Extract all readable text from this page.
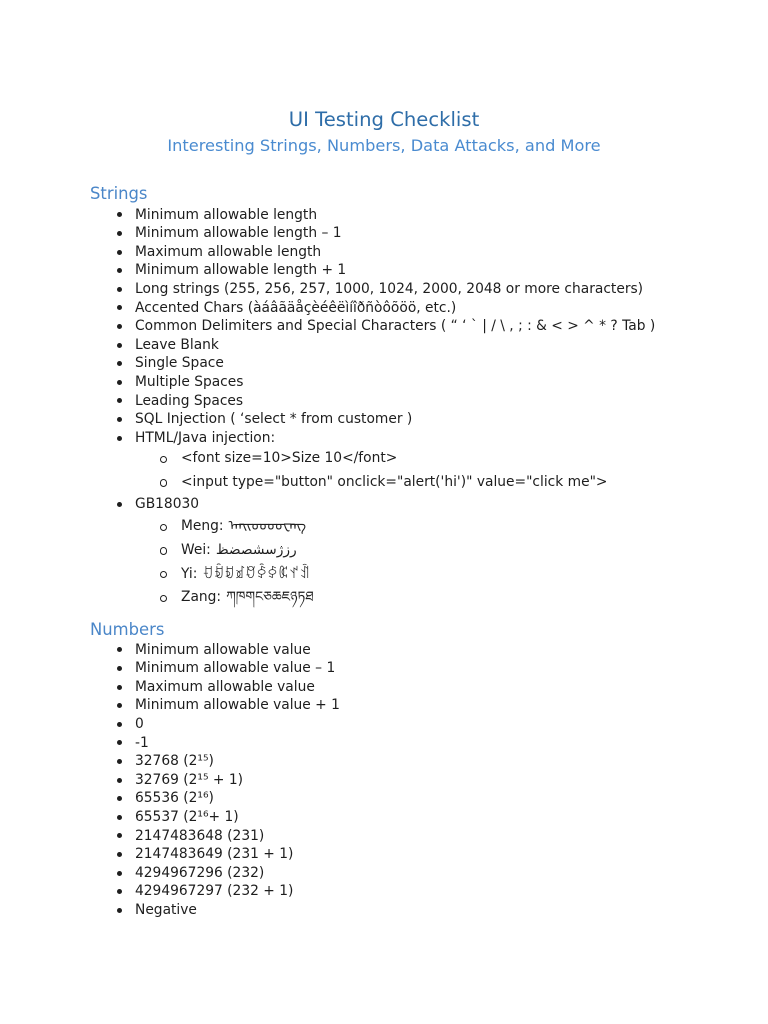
UI Testing Checklist
Interesting Strings, Numbers, Data Attacks, and More
Strings
Minimum allowable length
Minimum allowable length – 1
Maximum allowable length
Minimum allowable length + 1
Long strings (255, 256, 257, 1000, 1024, 2000, 2048 or more characters)
Accented Chars (àáâãäåçèéêëìíîðñòôõöö, etc.)
Common Delimiters and Special Characters ( “ ‘ ` | / \ , ; : & < > ^ * ? Tab )
Leave Blank
Single Space
Multiple Spaces
Leading Spaces
SQL Injection ( ‘select * from customer )
HTML/Java injection:
<font size=10>Size 10</font>
<input type="button" onclick="alert('hi')" value="click me">
GB18030
Meng: ᠠᠡᠢᠣᠤᠥᠦᠧᠨᠩ
Wei: رزژسشصضظ
Yi: ꀀꀁꀂꀃꀄꀅꀆꀇꀈꀉ
Zang: ཀཁགངཅཆཇཉཏཐ
Numbers
Minimum allowable value
Minimum allowable value – 1
Maximum allowable value
Minimum allowable value + 1
0
-1
32768 (2¹⁵)
32769 (2¹⁵ + 1)
65536 (2¹⁶)
65537 (2¹⁶+ 1)
2147483648 (231)
2147483649 (231 + 1)
4294967296 (232)
4294967297 (232 + 1)
Negative
